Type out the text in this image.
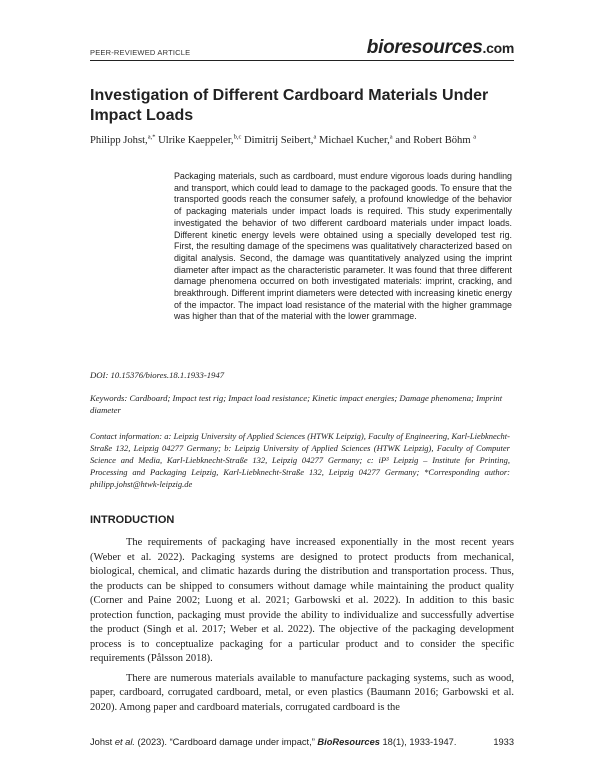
PEER-REVIEWED ARTICLE	bioresources.com
Investigation of Different Cardboard Materials Under Impact Loads
Philipp Johst,$^{a,*}$ Ulrike Kaeppeler,$^{b,c}$ Dimitrij Seibert,$^a$ Michael Kucher,$^a$ and Robert Böhm $^a$
Packaging materials, such as cardboard, must endure vigorous loads during handling and transport, which could lead to damage to the packaged goods. To ensure that the transported goods reach the consumer safely, a profound knowledge of the behavior of packaging materials under impact loads is required. This study experimentally investigated the behavior of two different cardboard materials under impact loads. Different kinetic energy levels were obtained using a specially developed test rig. First, the resulting damage of the specimens was qualitatively characterized based on digital analysis. Second, the damage was quantitatively analyzed using the imprint diameter after impact as the characteristic parameter. It was found that three different damage phenomena occurred on both investigated materials: imprint, cracking, and breakthrough. Different imprint diameters were detected with increasing kinetic energy of the impactor. The impact load resistance of the material with the higher grammage was higher than that of the material with the lower grammage.
DOI: 10.15376/biores.18.1.1933-1947
Keywords: Cardboard; Impact test rig; Impact load resistance; Kinetic impact energies; Damage phenomena; Imprint diameter
Contact information: a: Leipzig University of Applied Sciences (HTWK Leipzig), Faculty of Engineering, Karl-Liebknecht-Straße 132, Leipzig 04277 Germany; b: Leipzig University of Applied Sciences (HTWK Leipzig), Faculty of Computer Science and Media, Karl-Liebknecht-Straße 132, Leipzig 04277 Germany; c: iP³ Leipzig – Institute for Printing, Processing and Packaging Leipzig, Karl-Liebknecht-Straße 132, Leipzig 04277 Germany; *Corresponding author: philipp.johst@htwk-leipzig.de
INTRODUCTION

The requirements of packaging have increased exponentially in the most recent years (Weber et al. 2022). Packaging systems are designed to protect products from mechanical, biological, chemical, and climatic hazards during the distribution and transportation process. Thus, the products can be shipped to consumers without damage while maintaining the product quality (Corner and Paine 2002; Luong et al. 2021; Garbowski et al. 2022). In addition to this basic protection function, packaging must provide the ability to individualize and successfully advertise the product (Singh et al. 2017; Weber et al. 2022). The objective of the packaging development process is to conceptualize packaging for a particular product and to consider the specific requirements (Pålsson 2018).

There are numerous materials available to manufacture packaging systems, such as wood, paper, cardboard, corrugated cardboard, metal, or even plastics (Baumann 2016; Garbowski et al. 2020). Among paper and cardboard materials, corrugated cardboard is the

Johst et al. (2023). “Cardboard damage under impact,” BioResources 18(1), 1933-1947.	1933
